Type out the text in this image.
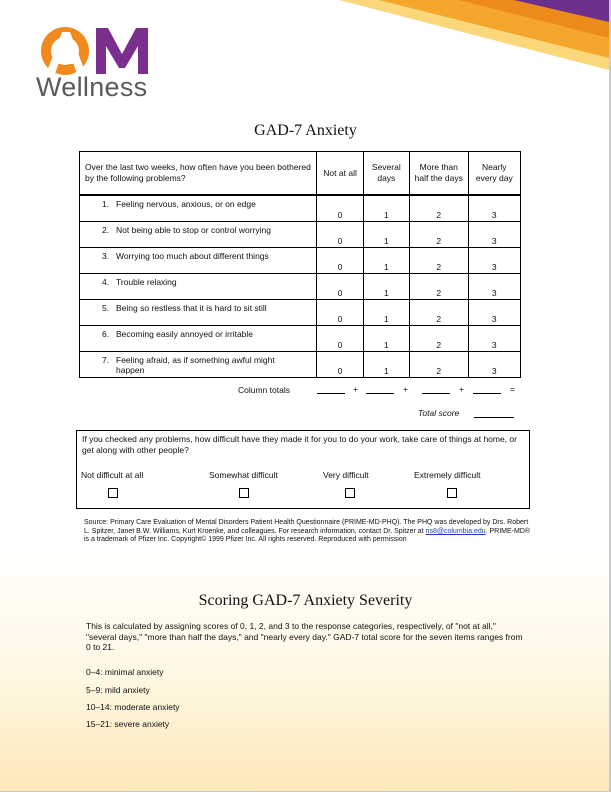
Wellness
GAD-7 Anxiety
Over the last two weeks, how often have you been bothered by the following problems?	Not at all	Several days	More than half the days	Nearly every day
1. Feeling nervous, anxious, or on edge	0	1	2	3
2. Not being able to stop or control worrying	0	1	2	3
3. Worrying too much about different things	0	1	2	3
4. Trouble relaxing	0	1	2	3
5. Being so restless that it is hard to sit still	0	1	2	3
6. Becoming easily annoyed or irritable	0	1	2	3
7. Feeling afraid, as if something awful might happen	0	1	2	3
Column totals	+	+	+	=
Total score
If you checked any problems, how difficult have they made it for you to do your work, take care of things at home, or get along with other people?
Not difficult at all	Somewhat difficult	Very difficult	Extremely difficult
Source: Primary Care Evaluation of Mental Disorders Patient Health Questionnaire (PRIME-MD-PHQ). The PHQ was developed by Drs. Robert L. Spitzer, Janet B.W. Williams, Kurt Kroenke, and colleagues. For research information, contact Dr. Spitzer at ris8@columbia.edu. PRIME-MD® is a trademark of Pfizer Inc. Copyright© 1999 Pfizer Inc. All rights reserved. Reproduced with permission
Scoring GAD-7 Anxiety Severity
This is calculated by assigning scores of 0, 1, 2, and 3 to the response categories, respectively, of "not at all," "several days," "more than half the days," and "nearly every day." GAD-7 total score for the seven items ranges from 0 to 21.
0–4: minimal anxiety
5–9: mild anxiety
10–14: moderate anxiety
15–21: severe anxiety
